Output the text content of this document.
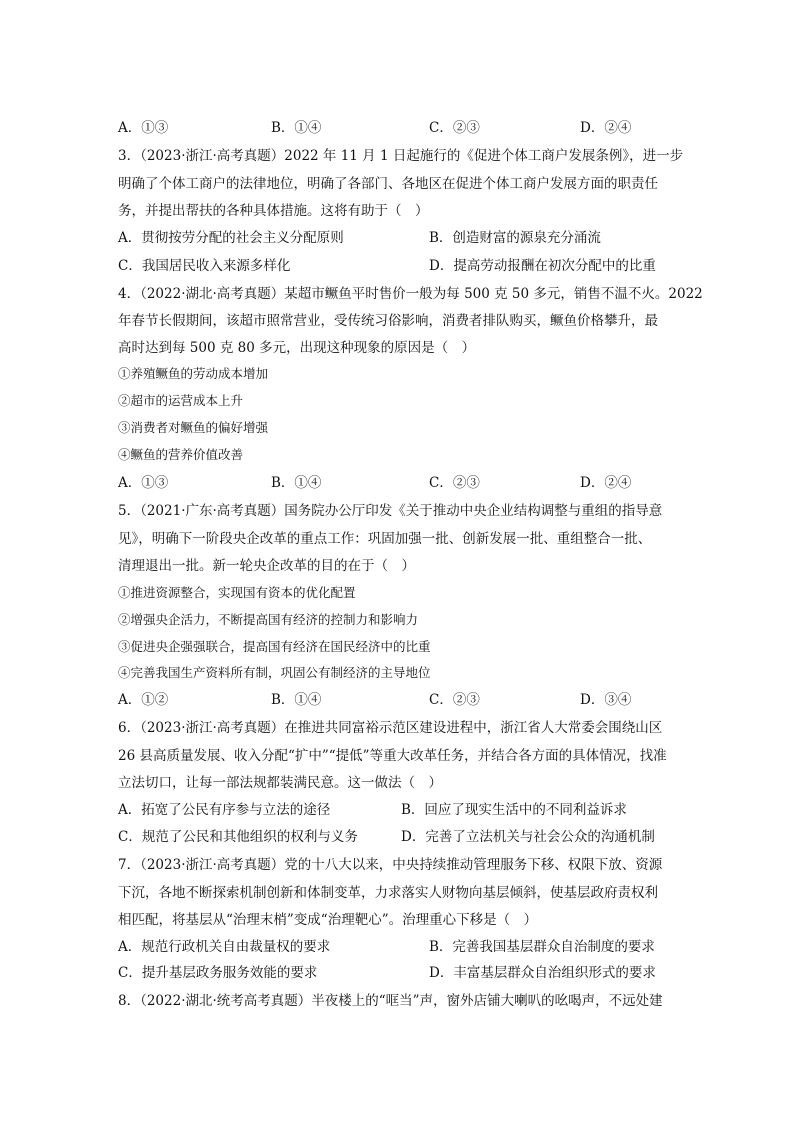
A．①③	B．①④	C．②③	D．②④
3．（2023·浙江·高考真题）2022 年 11 月 1 日起施行的《促进个体工商户发展条例》，进一步
明确了个体工商户的法律地位，明确了各部门、各地区在促进个体工商户发展方面的职责任
务，并提出帮扶的各种具体措施。这将有助于（　）
A．贯彻按劳分配的社会主义分配原则	B．创造财富的源泉充分涌流
C．我国居民收入来源多样化	D．提高劳动报酬在初次分配中的比重
4．（2022·湖北·高考真题）某超市鳜鱼平时售价一般为每 500 克 50 多元，销售不温不火。2022
年春节长假期间，该超市照常营业，受传统习俗影响，消费者排队购买，鳜鱼价格攀升，最
高时达到每 500 克 80 多元，出现这种现象的原因是（　）
①养殖鳜鱼的劳动成本增加
②超市的运营成本上升
③消费者对鳜鱼的偏好增强
④鳜鱼的营养价值改善
A．①③	B．①④	C．②③	D．②④
5．（2021·广东·高考真题）国务院办公厅印发《关于推动中央企业结构调整与重组的指导意
见》，明确下一阶段央企改革的重点工作：巩固加强一批、创新发展一批、重组整合一批、
清理退出一批。新一轮央企改革的目的在于（　）
①推进资源整合，实现国有资本的优化配置
②增强央企活力，不断提高国有经济的控制力和影响力
③促进央企强强联合，提高国有经济在国民经济中的比重
④完善我国生产资料所有制，巩固公有制经济的主导地位
A．①②	B．①④	C．②③	D．③④
6．（2023·浙江·高考真题）在推进共同富裕示范区建设进程中，浙江省人大常委会围绕山区
26 县高质量发展、收入分配“扩中”“提低”等重大改革任务，并结合各方面的具体情况，找准
立法切口，让每一部法规都装满民意。这一做法（　）
A．拓宽了公民有序参与立法的途径	B．回应了现实生活中的不同利益诉求
C．规范了公民和其他组织的权利与义务	D．完善了立法机关与社会公众的沟通机制
7．（2023·浙江·高考真题）党的十八大以来，中央持续推动管理服务下移、权限下放、资源
下沉，各地不断探索机制创新和体制变革，力求落实人财物向基层倾斜，使基层政府责权利
相匹配，将基层从“治理末梢”变成“治理靶心”。治理重心下移是（　）
A．规范行政机关自由裁量权的要求	B．完善我国基层群众自治制度的要求
C．提升基层政务服务效能的要求	D．丰富基层群众自治组织形式的要求
8．（2022·湖北·统考高考真题）半夜楼上的“哐当”声，窗外店铺大喇叭的吆喝声，不远处建
